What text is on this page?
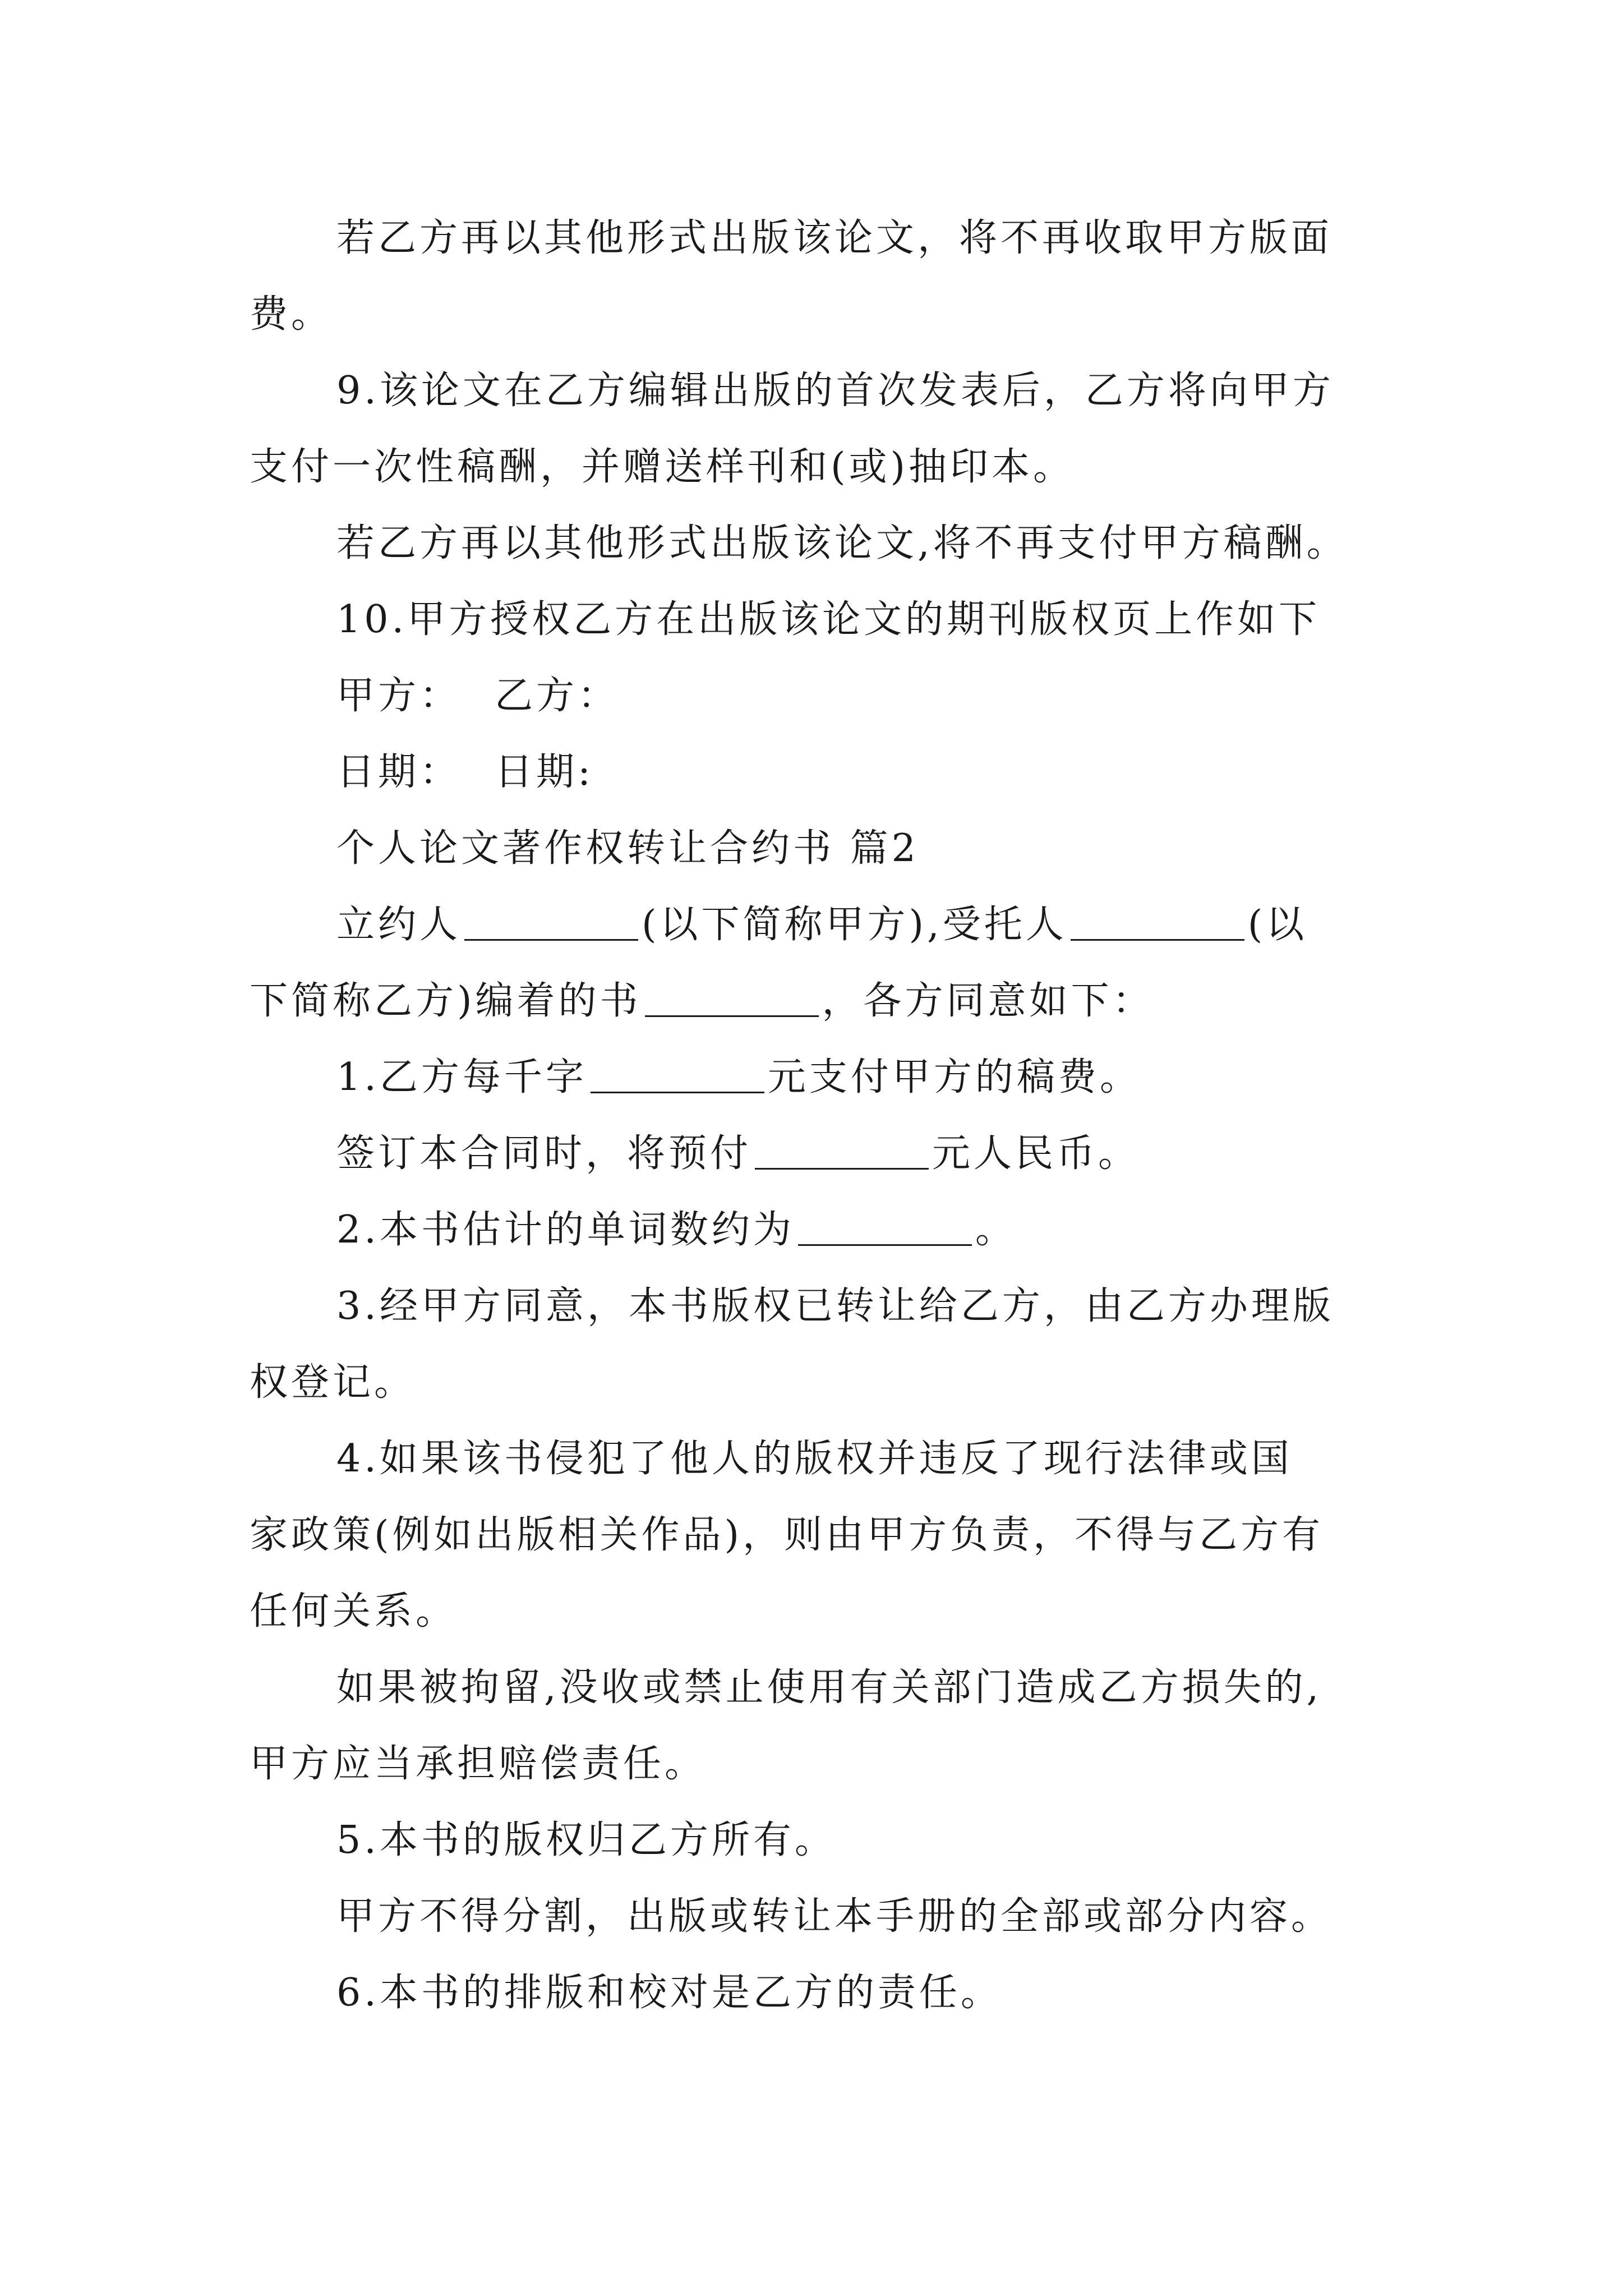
若乙方再以其他形式出版该论文，将不再收取甲方版面

费。

9.该论文在乙方编辑出版的首次发表后，乙方将向甲方

支付一次性稿酬，并赠送样刊和(或)抽印本。

若乙方再以其他形式出版该论文,将不再支付甲方稿酬。

10.甲方授权乙方在出版该论文的期刊版权页上作如下

甲方： 乙方：

日期： 日期:

个人论文著作权转让合约书 篇2

立约人	(以下简称甲方),受托人	(以

下简称乙方)编着的书	，各方同意如下：

1.乙方每千字	元支付甲方的稿费。

签订本合同时，将预付	元人民币。

2.本书估计的单词数约为	。

3.经甲方同意，本书版权已转让给乙方，由乙方办理版

权登记。

4.如果该书侵犯了他人的版权并违反了现行法律或国

家政策(例如出版相关作品)，则由甲方负责，不得与乙方有

任何关系。

如果被拘留,没收或禁止使用有关部门造成乙方损失的,

甲方应当承担赔偿责任。

5.本书的版权归乙方所有。

甲方不得分割，出版或转让本手册的全部或部分内容。

6.本书的排版和校对是乙方的责任。
